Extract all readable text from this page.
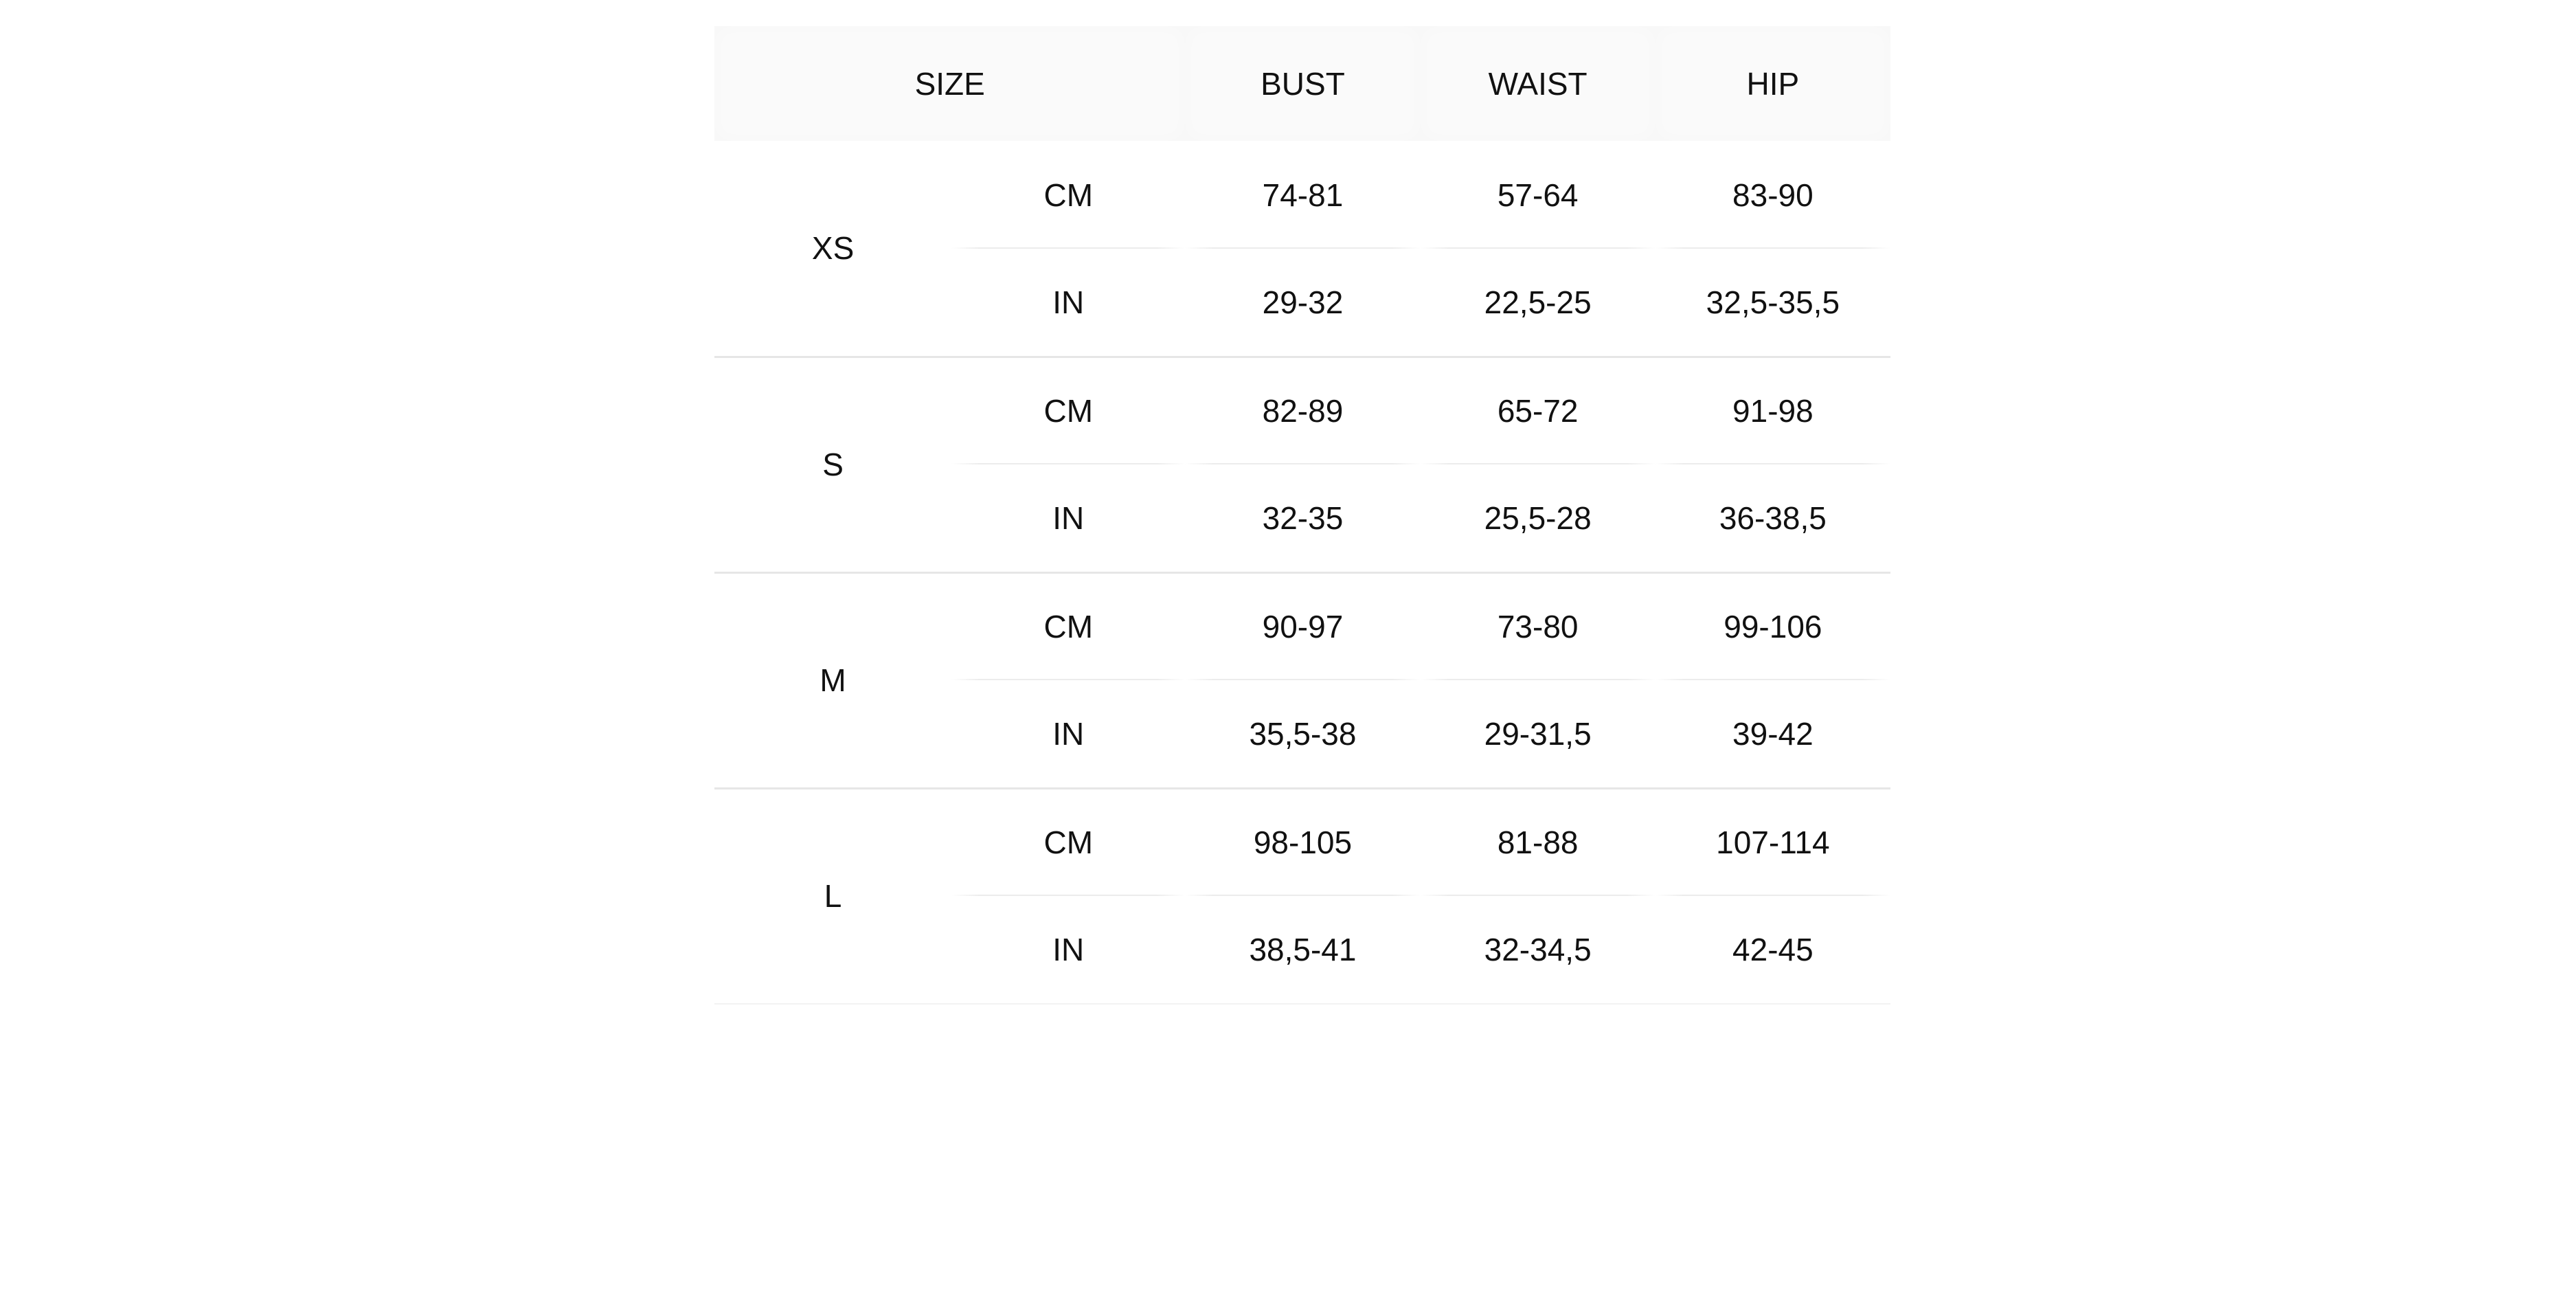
SIZE		BUST	WAIST	HIP
XS	CM	74-81	57-64	83-90
	IN	29-32	22,5-25	32,5-35,5
S	CM	82-89	65-72	91-98
	IN	32-35	25,5-28	36-38,5
M	CM	90-97	73-80	99-106
	IN	35,5-38	29-31,5	39-42
L	CM	98-105	81-88	107-114
	IN	38,5-41	32-34,5	42-45
